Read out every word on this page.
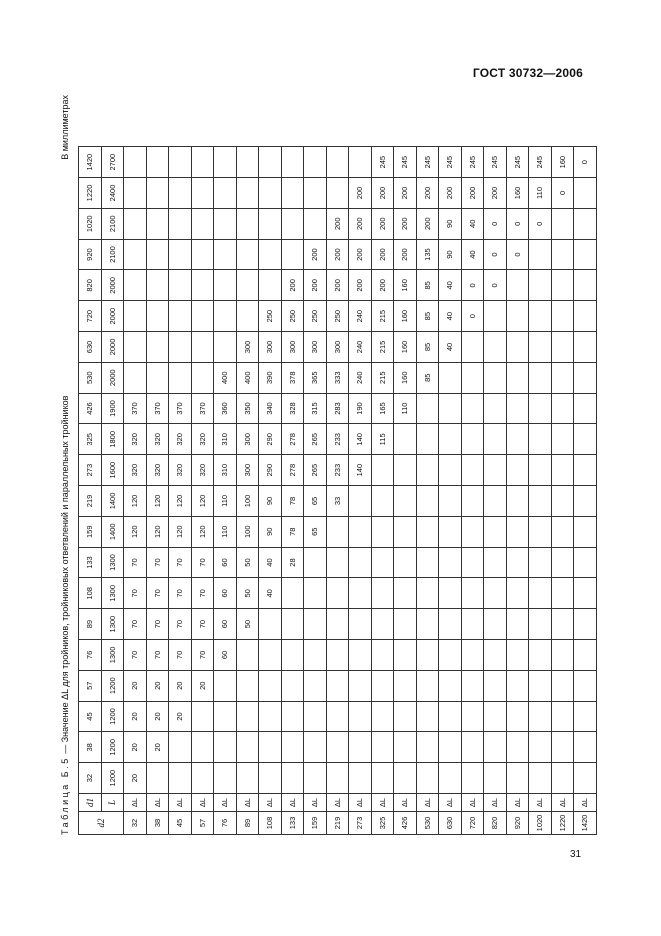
ГОСТ 30732—2006
Таблица Б.5 — Значение ΔL для тройников, тройниковых ответвлений и параллельных тройников
В миллиметрах
d2	d1	32	38	45	57	76	89	108	133	159	219	273	325	426	530	630	720	820	920	1020	1220	1420
	L	1200	1200	1200	1200	1300	1300	1300	1300	1400	1400	1600	1800	1900	2000	2000	2000	2000	2100	2100	2400	2700
32	ΔL	20	20	20	20	70	70	70	70	120	120	320	320	370								
38	ΔL		20	20	20	70	70	70	70	120	120	320	320	370								
45	ΔL			20	20	70	70	70	70	120	120	320	320	370								
57	ΔL				20	70	70	70	70	120	120	320	320	370								
76	ΔL					60	60	60	60	110	110	310	310	360	400							
89	ΔL						50	50	50	100	100	300	300	350	400	300						
108	ΔL							40	40	90	90	290	290	340	390	300	250					
133	ΔL								28	78	78	278	278	328	378	300	250	200				
159	ΔL									65	65	265	265	315	365	300	250	200	200			
219	ΔL										33	233	233	283	333	300	250	200	200	200		
273	ΔL											140	140	190	240	240	240	200	200	200	200	
325	ΔL												115	165	215	215	215	200	200	200	200	245
426	ΔL													110	160	160	160	160	200	200	200	245
530	ΔL														85	85	85	85	135	200	200	245
630	ΔL															40	40	40	90	90	200	245
720	ΔL																0	0	40	40	200	245
820	ΔL																	0	0	0	200	245
920	ΔL																		0	0	160	245
1020	ΔL																			0	110	245
1220	ΔL																				0	160
1420	ΔL																					0
31
